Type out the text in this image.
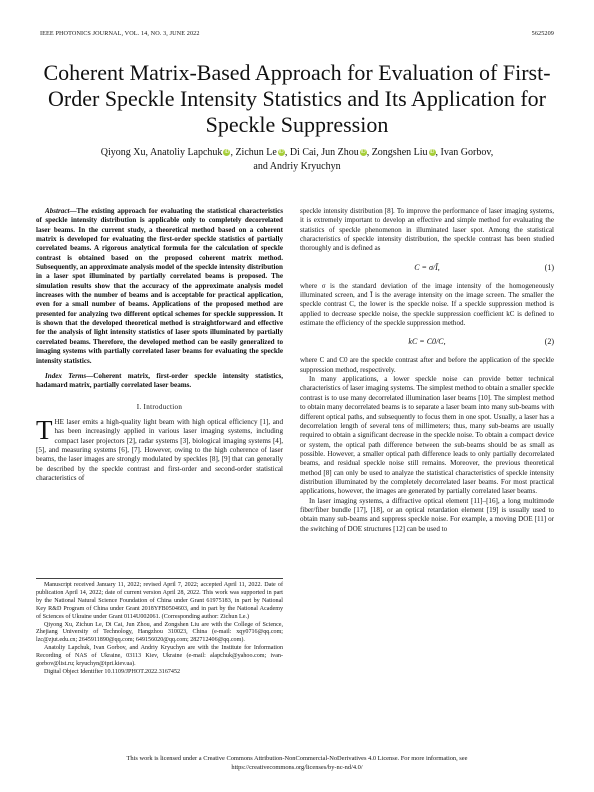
IEEE PHOTONICS JOURNAL, VOL. 14, NO. 3, JUNE 2022	5625209
Coherent Matrix-Based Approach for Evaluation of First-Order Speckle Intensity Statistics and Its Application for Speckle Suppression
Qiyong Xu, Anatoliy Lapchuk iD, Zichun Le iD, Di Cai, Jun Zhou iD, Zongshen Liu iD, Ivan Gorbov,
and Andriy Kryuchyn

Abstract—The existing approach for evaluating the statistical characteristics of speckle intensity distribution is applicable only to completely decorrelated laser beams. In the current study, a theoretical method based on a coherent matrix is developed for evaluating the first-order speckle statistics of partially correlated beams. A rigorous analytical formula for the calculation of speckle contrast is obtained based on the proposed coherent matrix method. Subsequently, an approximate analysis model of the speckle intensity distribution in a laser spot illuminated by partially correlated beams is proposed. The simulation results show that the accuracy of the approximate analysis model increases with the number of beams and is acceptable for practical application, even for a small number of beams. Applications of the proposed method are presented for analyzing two different optical schemes for speckle suppression. It is shown that the developed theoretical method is straightforward and effective for the analysis of light intensity statistics of laser spots illuminated by partially correlated beams. Therefore, the developed method can be easily generalized to imaging systems with partially correlated laser beams for evaluating the speckle intensity statistics.

Index Terms—Coherent matrix, first-order speckle intensity statistics, hadamard matrix, partially correlated laser beams.

I. Introduction

THE laser emits a high-quality light beam with high optical efficiency [1], and has been increasingly applied in various laser imaging systems, including compact laser projectors [2], radar systems [3], biological imaging systems [4], [5], and measuring systems [6], [7]. However, owing to the high coherence of laser beams, the laser images are strongly modulated by speckles [8], [9] that can generally be described by the speckle contrast and first-order and second-order statistical characteristics of

speckle intensity distribution [8]. To improve the performance of laser imaging systems, it is extremely important to develop an effective and simple method for evaluating the statistics of speckle phenomenon in illuminated laser spot. Among the statistical characteristics of speckle intensity distribution, the speckle contrast has been studied thoroughly and is defined as

C = σ/Ī,	(1)

where σ is the standard deviation of the image intensity of the homogeneously illuminated screen, and Ī is the average intensity on the image screen. The smaller the speckle contrast C, the lower is the speckle noise. If a speckle suppression method is applied to decrease speckle noise, the speckle suppression coefficient kC is defined to estimate the efficiency of the speckle suppression method.

kC = C0/C,	(2)

where C and C0 are the speckle contrast after and before the application of the speckle suppression method, respectively.

In many applications, a lower speckle noise can provide better technical characteristics of laser imaging systems. The simplest method to obtain a smaller speckle contrast is to use many decorrelated illumination laser beams [10]. The simplest method to obtain many decorrelated beams is to separate a laser beam into many sub-beams with different optical paths, and subsequently to focus them in one spot. Usually, a laser has a decorrelation length of several tens of millimeters; thus, many sub-beams are usually required to obtain a significant decrease in the speckle noise. To obtain a compact device or system, the optical path difference between the sub-beams should be as small as possible. However, a smaller optical path difference leads to only partially decorrelated beams, and residual speckle noise still remains. Moreover, the previous theoretical method [8] can only be used to analyze the statistical characteristics of speckle intensity distribution illuminated by the completely decorrelated laser beams. For most practical applications, however, the images are generated by partially correlated laser beams.

In laser imaging systems, a diffractive optical element [11]–[16], a long multimode fiber/fiber bundle [17], [18], or an optical retardation element [19] is usually used to obtain many sub-beams and suppress speckle noise. For example, a moving DOE [11] or the switching of DOE structures [12] can be used to

Manuscript received January 11, 2022; revised April 7, 2022; accepted April 11, 2022. Date of publication April 14, 2022; date of current version April 28, 2022. This work was supported in part by the National Natural Science Foundation of China under Grant 61975183, in part by National Key R&D Program of China under Grant 2018YFB0504603, and in part by the National Academy of Sciences of Ukraine under Grant 0114U002061. (Corresponding author: Zichun Le.)

Qiyong Xu, Zichun Le, Di Cai, Jun Zhou, and Zongshen Liu are with the College of Science, Zhejiang University of Technology, Hangzhou 310023, China (e-mail: xqy0716@qq.com; lzc@zjut.edu.cn; 2645911890@qq.com; 649156020@qq.com; 282712406@qq.com).

Anatoliy Lapchuk, Ivan Gorbov, and Andriy Kryuchyn are with the Institute for Information Recording of NAS of Ukraine, 03113 Kiev, Ukraine (e-mail: alapchuk@yahoo.com; ivan-gorbov@list.ru; kryuchyn@ipri.kiev.ua).

Digital Object Identifier 10.1109/JPHOT.2022.3167452

This work is licensed under a Creative Commons Attribution-NonCommercial-NoDerivatives 4.0 License. For more information, see
https://creativecommons.org/licenses/by-nc-nd/4.0/
